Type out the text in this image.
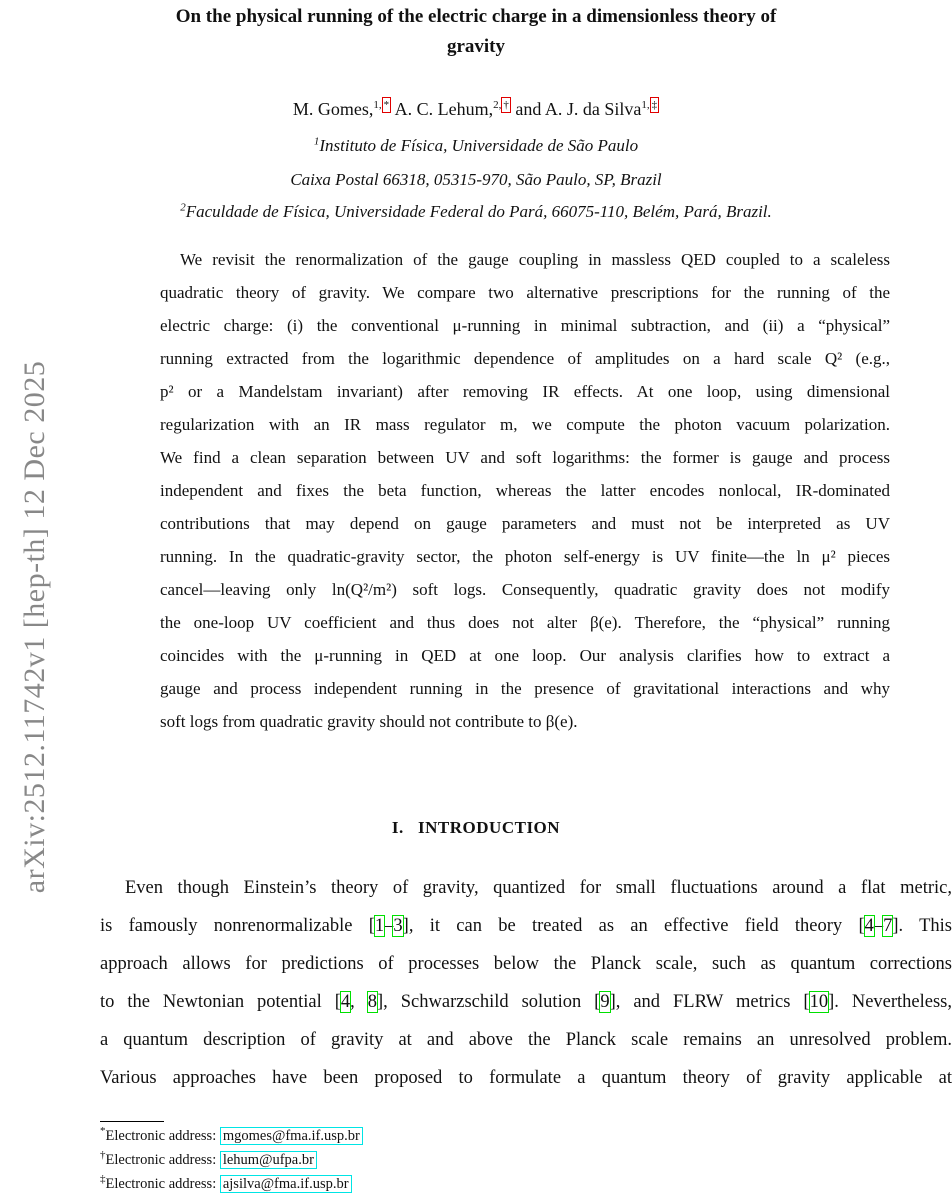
arXiv:2512.11742v1 [hep-th] 12 Dec 2025
On the physical running of the electric charge in a dimensionless theory of
gravity
M. Gomes,$^{1,}$ * A. C. Lehum,$^{2,}$ † and A. J. da Silva$^{1,}$ ‡
$^1$Instituto de Física, Universidade de São Paulo
Caixa Postal 66318, 05315-970, São Paulo, SP, Brazil
$^2$Faculdade de Física, Universidade Federal do Pará, 66075-110, Belém, Pará, Brazil.
We revisit the renormalization of the gauge coupling in massless QED coupled to a scaleless
quadratic theory of gravity. We compare two alternative prescriptions for the running of the
electric charge: (i) the conventional μ-running in minimal subtraction, and (ii) a “physical”
running extracted from the logarithmic dependence of amplitudes on a hard scale Q² (e.g.,
p² or a Mandelstam invariant) after removing IR effects. At one loop, using dimensional
regularization with an IR mass regulator m, we compute the photon vacuum polarization.
We find a clean separation between UV and soft logarithms: the former is gauge and process
independent and fixes the beta function, whereas the latter encodes nonlocal, IR-dominated
contributions that may depend on gauge parameters and must not be interpreted as UV
running. In the quadratic-gravity sector, the photon self-energy is UV finite—the ln μ² pieces
cancel—leaving only ln(Q²/m²) soft logs. Consequently, quadratic gravity does not modify
the one-loop UV coefficient and thus does not alter β(e). Therefore, the “physical” running
coincides with the μ-running in QED at one loop. Our analysis clarifies how to extract a
gauge and process independent running in the presence of gravitational interactions and why
soft logs from quadratic gravity should not contribute to β(e).
I.   INTRODUCTION
Even though Einstein’s theory of gravity, quantized for small fluctuations around a flat metric,
is famously nonrenormalizable [1–3], it can be treated as an effective field theory [4–7]. This
approach allows for predictions of processes below the Planck scale, such as quantum corrections
to the Newtonian potential [4, 8], Schwarzschild solution [9], and FLRW metrics [10]. Nevertheless,
a quantum description of gravity at and above the Planck scale remains an unresolved problem.
Various approaches have been proposed to formulate a quantum theory of gravity applicable at
*Electronic address: mgomes@fma.if.usp.br
†Electronic address: lehum@ufpa.br
‡Electronic address: ajsilva@fma.if.usp.br
